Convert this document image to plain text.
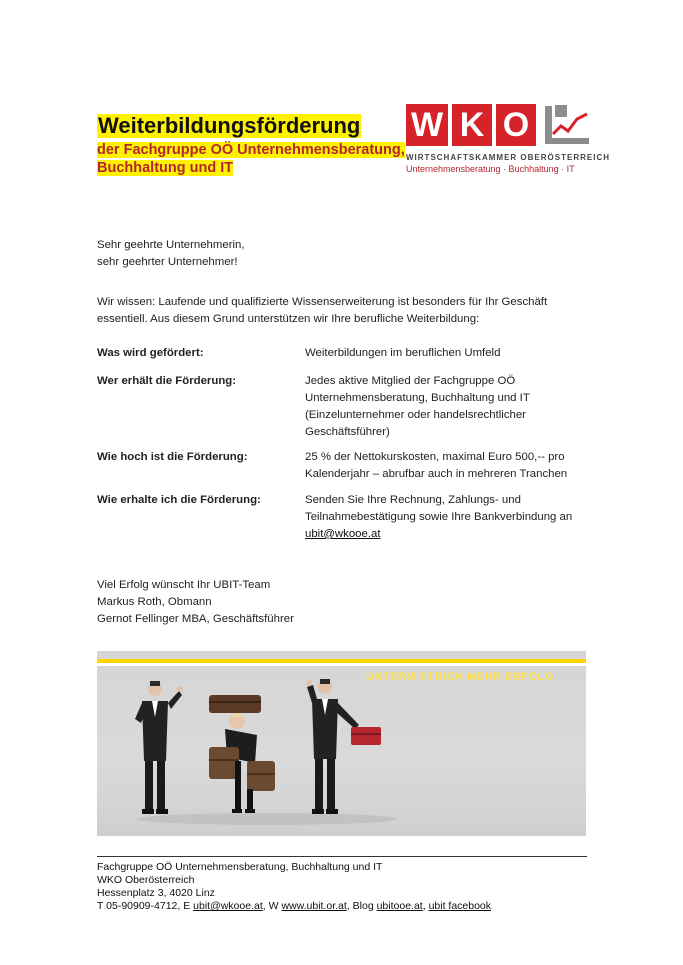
Weiterbildungsförderung
der Fachgruppe OÖ Unternehmensberatung,
Buchhaltung und IT
W K O
WIRTSCHAFTSKAMMER OBERÖSTERREICH
Unternehmensberatung · Buchhaltung · IT
Sehr geehrte Unternehmerin,
sehr geehrter Unternehmer!
Wir wissen: Laufende und qualifizierte Wissenserweiterung ist besonders für Ihr Geschäft
essentiell. Aus diesem Grund unterstützen wir Ihre berufliche Weiterbildung:
Was wird gefördert:	Weiterbildungen im beruflichen Umfeld
Wer erhält die Förderung:	Jedes aktive Mitglied der Fachgruppe OÖ
Unternehmensberatung, Buchhaltung und IT
(Einzelunternehmer oder handelsrechtlicher
Geschäftsführer)
Wie hoch ist die Förderung:	25 % der Nettokurskosten, maximal Euro 500,-- pro
Kalenderjahr – abrufbar auch in mehreren Tranchen
Wie erhalte ich die Förderung:	Senden Sie Ihre Rechnung, Zahlungs- und
Teilnahmebestätigung sowie Ihre Bankverbindung an
ubit@wkooe.at
Viel Erfolg wünscht Ihr UBIT-Team
Markus Roth, Obmann
Gernot Fellinger MBA, Geschäftsführer
UNTERM STRICH MEHR ERFOLG
Fachgruppe OÖ Unternehmensberatung, Buchhaltung und IT
WKO Oberösterreich
Hessenplatz 3, 4020 Linz
T 05-90909-4712, E ubit@wkooe.at, W www.ubit.or.at, Blog ubitooe.at, ubit facebook
